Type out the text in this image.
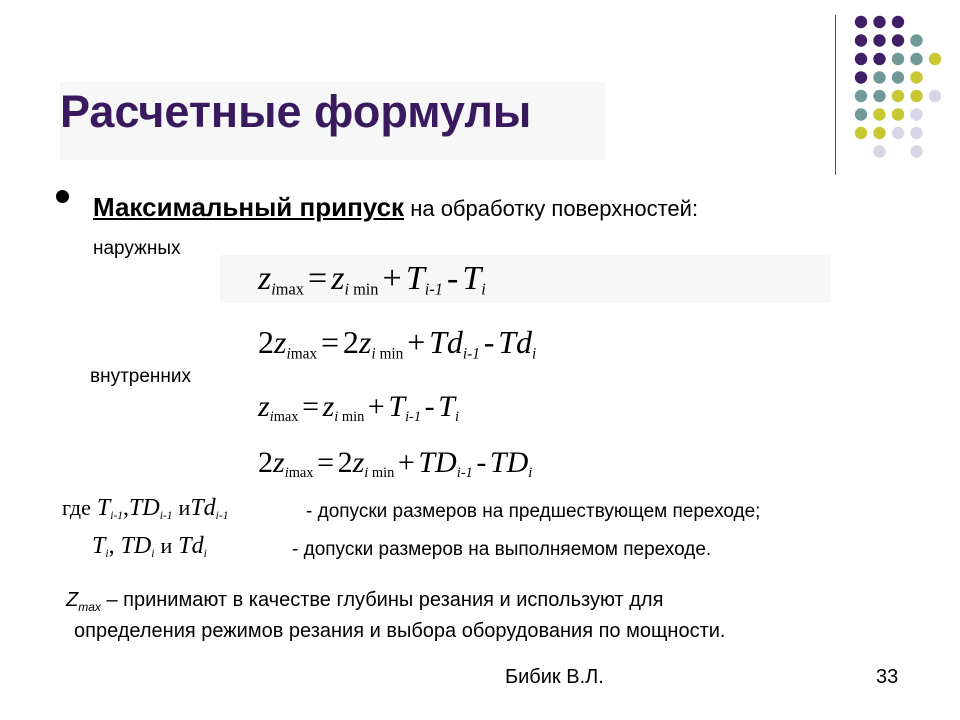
Расчетные формулы
Максимальный припуск на обработку поверхностей:
наружных
$z_{imax} = z_{i min} + T_{i-1} - T_i$
$2z_{imax} = 2z_{i min} + Td_{i-1} - Td_i$
внутренних
$z_{imax} = z_{i min} + T_{i-1} - T_i$
$2z_{imax} = 2z_{i min} + TD_{i-1} - TD_i$
где $T_{i-1},TD_{i-1}$ иTd$_{i-1}$	- допуски размеров на предшествующем переходе;
$T_i$, $TD_i$ и $Td_i$	- допуски размеров на выполняемом переходе.
$Z_{max}$ – принимают в качестве глубины резания и используют для
определения режимов резания и выбора оборудования по мощности.
Бибик В.Л.	33
